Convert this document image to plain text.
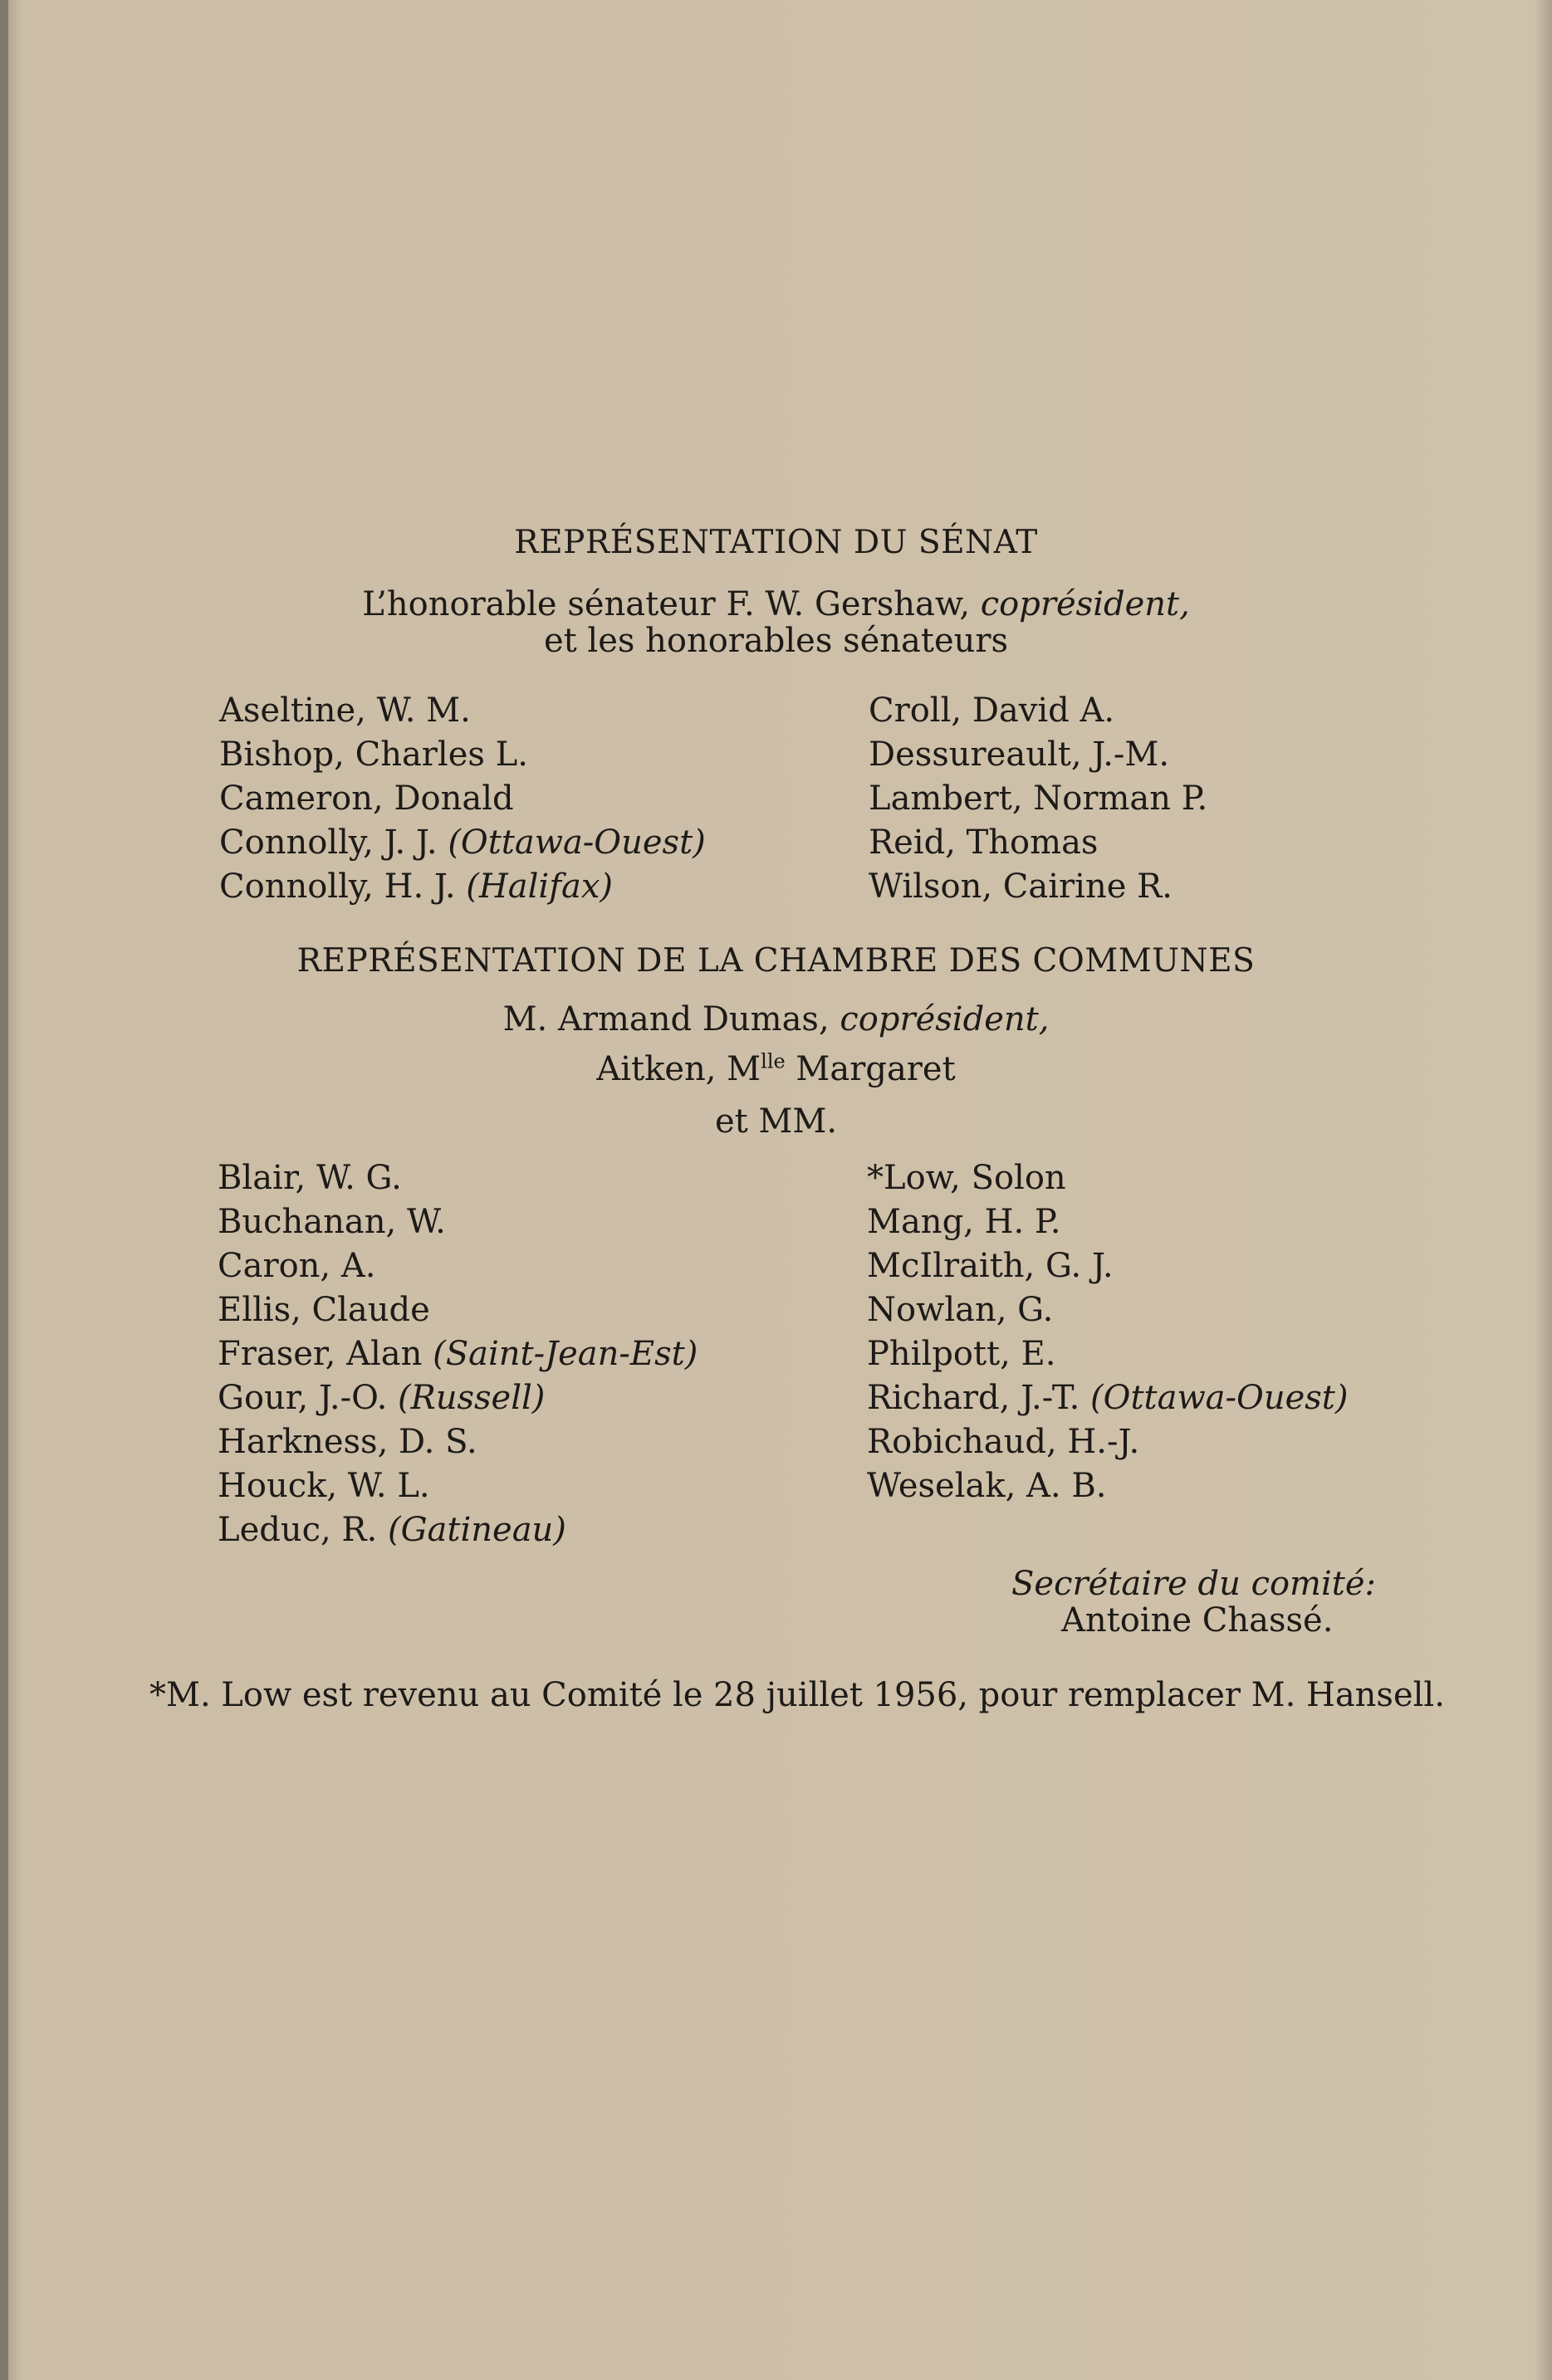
REPRÉSENTATION DU SÉNAT
L’honorable sénateur F. W. Gershaw, coprésident,
et les honorables sénateurs
Aseltine, W. M.
Bishop, Charles L.
Cameron, Donald
Connolly, J. J. (Ottawa-Ouest)
Connolly, H. J. (Halifax)
Croll, David A.
Dessureault, J.-M.
Lambert, Norman P.
Reid, Thomas
Wilson, Cairine R.
REPRÉSENTATION DE LA CHAMBRE DES COMMUNES
M. Armand Dumas, coprésident,
Aitken, $M^{lle}$ Margaret
et MM.
Blair, W. G.
Buchanan, W.
Caron, A.
Ellis, Claude
Fraser, Alan (Saint-Jean-Est)
Gour, J.-O. (Russell)
Harkness, D. S.
Houck, W. L.
Leduc, R. (Gatineau)
*Low, Solon
Mang, H. P.
McIlraith, G. J.
Nowlan, G.
Philpott, E.
Richard, J.-T. (Ottawa-Ouest)
Robichaud, H.-J.
Weselak, A. B.
Secrétaire du comité:
Antoine Chassé.
*M. Low est revenu au Comité le 28 juillet 1956, pour remplacer M. Hansell.
